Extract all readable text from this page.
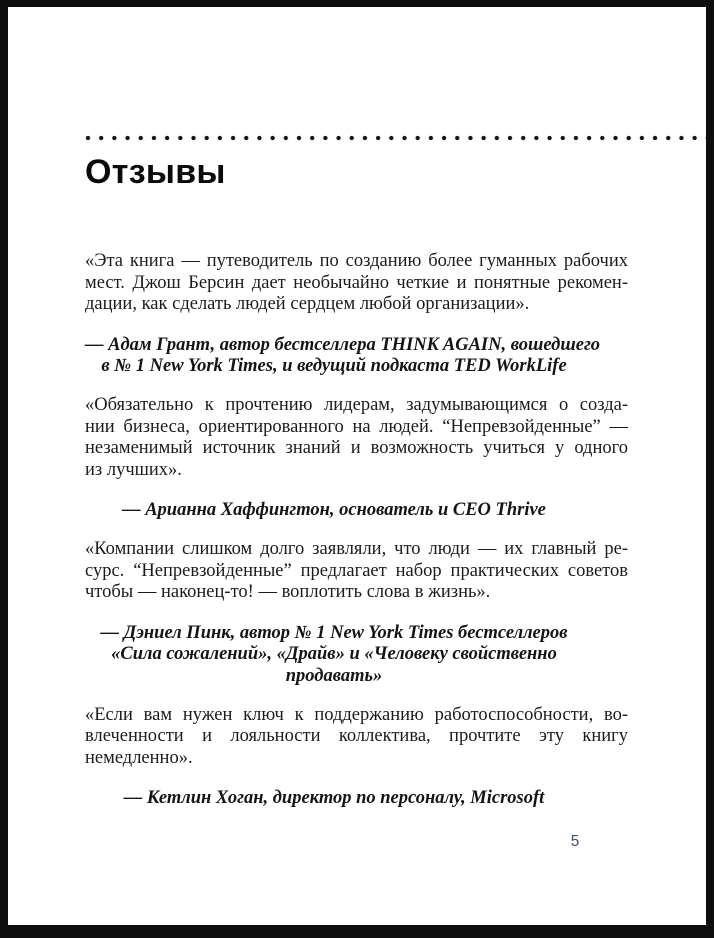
Отзывы
«Эта книга — путеводитель по созданию более гуманных рабочих
мест. Джош Берсин дает необычайно четкие и понятные рекомен-
дации, как сделать людей сердцем любой организации».
— Адам Грант, автор бестселлера THINK AGAIN, вошедшего
в № 1 New York Times, и ведущий подкаста TED WorkLife
«Обязательно к прочтению лидерам, задумывающимся о созда-
нии бизнеса, ориентированного на людей. “Непревзойденные” —
незаменимый источник знаний и возможность учиться у одного
из лучших».
— Арианна Хаффингтон, основатель и CEO Thrive
«Компании слишком долго заявляли, что люди — их главный ре-
сурс. “Непревзойденные” предлагает набор практических советов
чтобы — наконец-то! — воплотить слова в жизнь».
— Дэниел Пинк, автор № 1 New York Times бестселлеров
«Сила сожалений», «Драйв» и «Человеку свойственно
продавать»
«Если вам нужен ключ к поддержанию работоспособности, во-
влеченности и лояльности коллектива, прочтите эту книгу
немедленно».
— Кетлин Хоган, директор по персоналу, Microsoft
5
